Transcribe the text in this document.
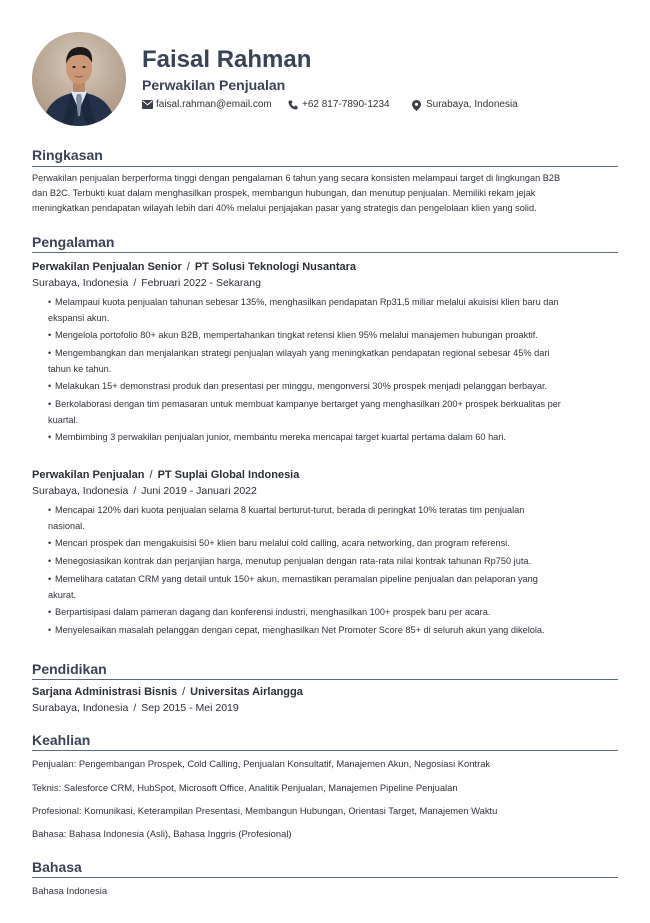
Faisal Rahman
Perwakilan Penjualan
faisal.rahman@email.com	+62 817-7890-1234	Surabaya, Indonesia
Ringkasan
Perwakilan penjualan berperforma tinggi dengan pengalaman 6 tahun yang secara konsisten melampaui target di lingkungan B2B
dan B2C. Terbukti kuat dalam menghasilkan prospek, membangun hubungan, dan menutup penjualan. Memiliki rekam jejak
meningkatkan pendapatan wilayah lebih dari 40% melalui penjajakan pasar yang strategis dan pengelolaan klien yang solid.
Pengalaman
Perwakilan Penjualan Senior / PT Solusi Teknologi Nusantara
Surabaya, Indonesia / Februari 2022 - Sekarang
• Melampaui kuota penjualan tahunan sebesar 135%, menghasilkan pendapatan Rp31,5 miliar melalui akuisisi klien baru dan
ekspansi akun.
• Mengelola portofolio 80+ akun B2B, mempertahankan tingkat retensi klien 95% melalui manajemen hubungan proaktif.
• Mengembangkan dan menjalankan strategi penjualan wilayah yang meningkatkan pendapatan regional sebesar 45% dari
tahun ke tahun.
• Melakukan 15+ demonstrasi produk dan presentasi per minggu, mengonversi 30% prospek menjadi pelanggan berbayar.
• Berkolaborasi dengan tim pemasaran untuk membuat kampanye bertarget yang menghasilkan 200+ prospek berkualitas per
kuartal.
• Membimbing 3 perwakilan penjualan junior, membantu mereka mencapai target kuartal pertama dalam 60 hari.
Perwakilan Penjualan / PT Suplai Global Indonesia
Surabaya, Indonesia / Juni 2019 - Januari 2022
• Mencapai 120% dari kuota penjualan selama 8 kuartal berturut-turut, berada di peringkat 10% teratas tim penjualan
nasional.
• Mencari prospek dan mengakuisisi 50+ klien baru melalui cold calling, acara networking, dan program referensi.
• Menegosiasikan kontrak dan perjanjian harga, menutup penjualan dengan rata-rata nilai kontrak tahunan Rp750 juta.
• Memelihara catatan CRM yang detail untuk 150+ akun, memastikan peramalan pipeline penjualan dan pelaporan yang
akurat.
• Berpartisipasi dalam pameran dagang dan konferensi industri, menghasilkan 100+ prospek baru per acara.
• Menyelesaikan masalah pelanggan dengan cepat, menghasilkan Net Promoter Score 85+ di seluruh akun yang dikelola.
Pendidikan
Sarjana Administrasi Bisnis / Universitas Airlangga
Surabaya, Indonesia / Sep 2015 - Mei 2019
Keahlian
Penjualan: Pengembangan Prospek, Cold Calling, Penjualan Konsultatif, Manajemen Akun, Negosiasi Kontrak
Teknis: Salesforce CRM, HubSpot, Microsoft Office, Analitik Penjualan, Manajemen Pipeline Penjualan
Profesional: Komunikasi, Keterampilan Presentasi, Membangun Hubungan, Orientasi Target, Manajemen Waktu
Bahasa: Bahasa Indonesia (Asli), Bahasa Inggris (Profesional)
Bahasa
Bahasa Indonesia
